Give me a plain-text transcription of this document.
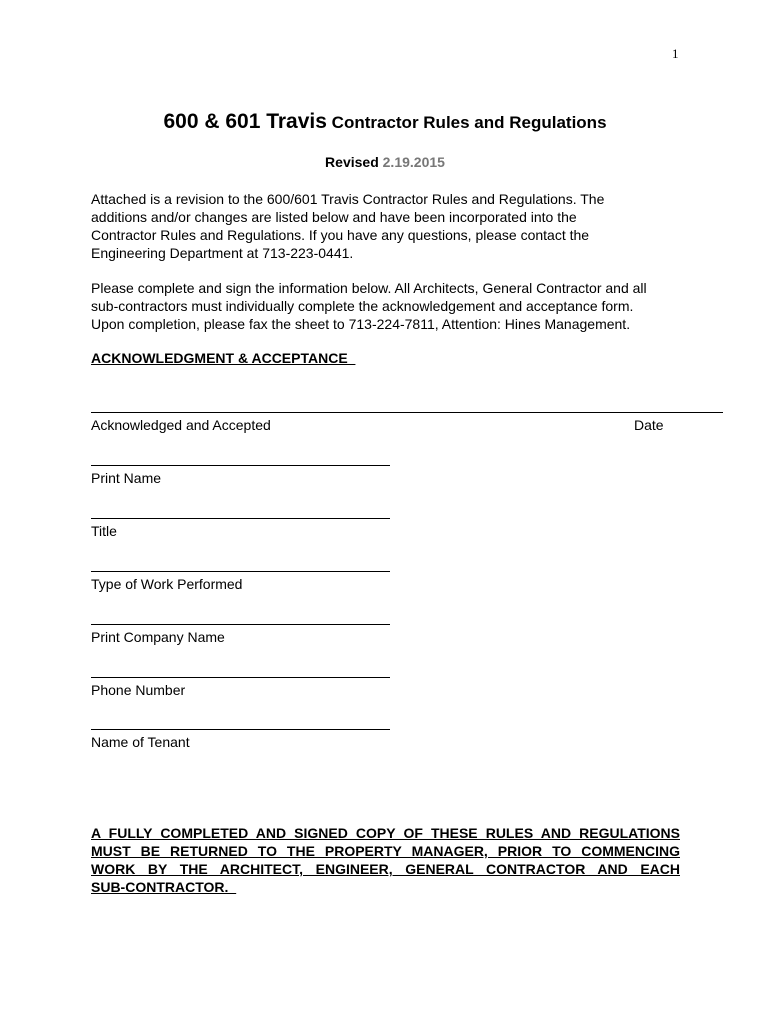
1
600 & 601 Travis Contractor Rules and Regulations
Revised 2.19.2015
Attached is a revision to the 600/601 Travis Contractor Rules and Regulations. The
additions and/or changes are listed below and have been incorporated into the
Contractor Rules and Regulations. If you have any questions, please contact the
Engineering Department at 713-223-0441.
Please complete and sign the information below. All Architects, General Contractor and all
sub-contractors must individually complete the acknowledgement and acceptance form.
Upon completion, please fax the sheet to 713-224-7811, Attention: Hines Management.
ACKNOWLEDGMENT & ACCEPTANCE
Acknowledged and Accepted	Date
Print Name
Title
Type of Work Performed
Print Company Name
Phone Number
Name of Tenant
A FULLY COMPLETED AND SIGNED COPY OF THESE RULES AND REGULATIONS
MUST BE RETURNED TO THE PROPERTY MANAGER, PRIOR TO COMMENCING
WORK BY THE ARCHITECT, ENGINEER, GENERAL CONTRACTOR AND EACH
SUB-CONTRACTOR.
